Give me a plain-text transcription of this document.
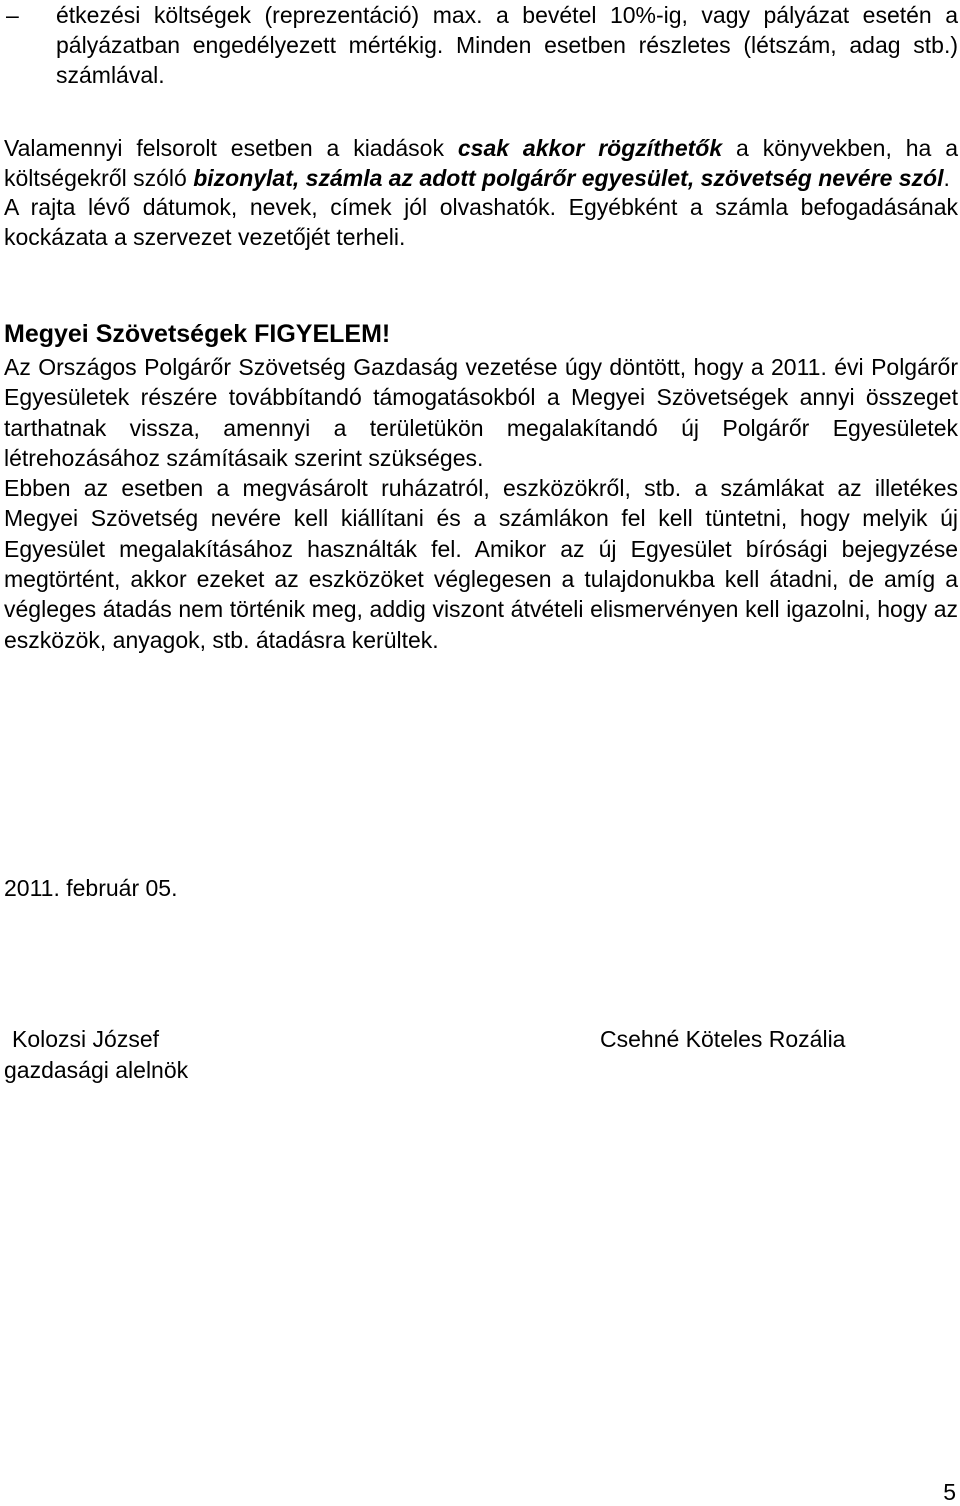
– étkezési költségek (reprezentáció) max. a bevétel 10%-ig, vagy pályázat esetén a pályázatban engedélyezett mértékig. Minden esetben részletes (létszám, adag stb.) számlával.

Valamennyi felsorolt esetben a kiadások csak akkor rögzíthetők a könyvekben, ha a költségekről szóló bizonylat, számla az adott polgárőr egyesület, szövetség nevére szól.

A rajta lévő dátumok, nevek, címek jól olvashatók. Egyébként a számla befogadásának kockázata a szervezet vezetőjét terheli.

Megyei Szövetségek FIGYELEM!

Az Országos Polgárőr Szövetség Gazdaság vezetése úgy döntött, hogy a 2011. évi Polgárőr Egyesületek részére továbbítandó támogatásokból a Megyei Szövetségek annyi összeget tarthatnak vissza, amennyi a területükön megalakítandó új Polgárőr Egyesületek létrehozásához számításaik szerint szükséges.

Ebben az esetben a megvásárolt ruházatról, eszközökről, stb. a számlákat az illetékes Megyei Szövetség nevére kell kiállítani és a számlákon fel kell tüntetni, hogy melyik új Egyesület megalakításához használták fel. Amikor az új Egyesület bírósági bejegyzése megtörtént, akkor ezeket az eszközöket véglegesen a tulajdonukba kell átadni, de amíg a végleges átadás nem történik meg, addig viszont átvételi elismervényen kell igazolni, hogy az eszközök, anyagok, stb. átadásra kerültek.

2011. február 05.
Kolozsi József
gazdasági alelnök
Csehné Köteles Rozália
5
